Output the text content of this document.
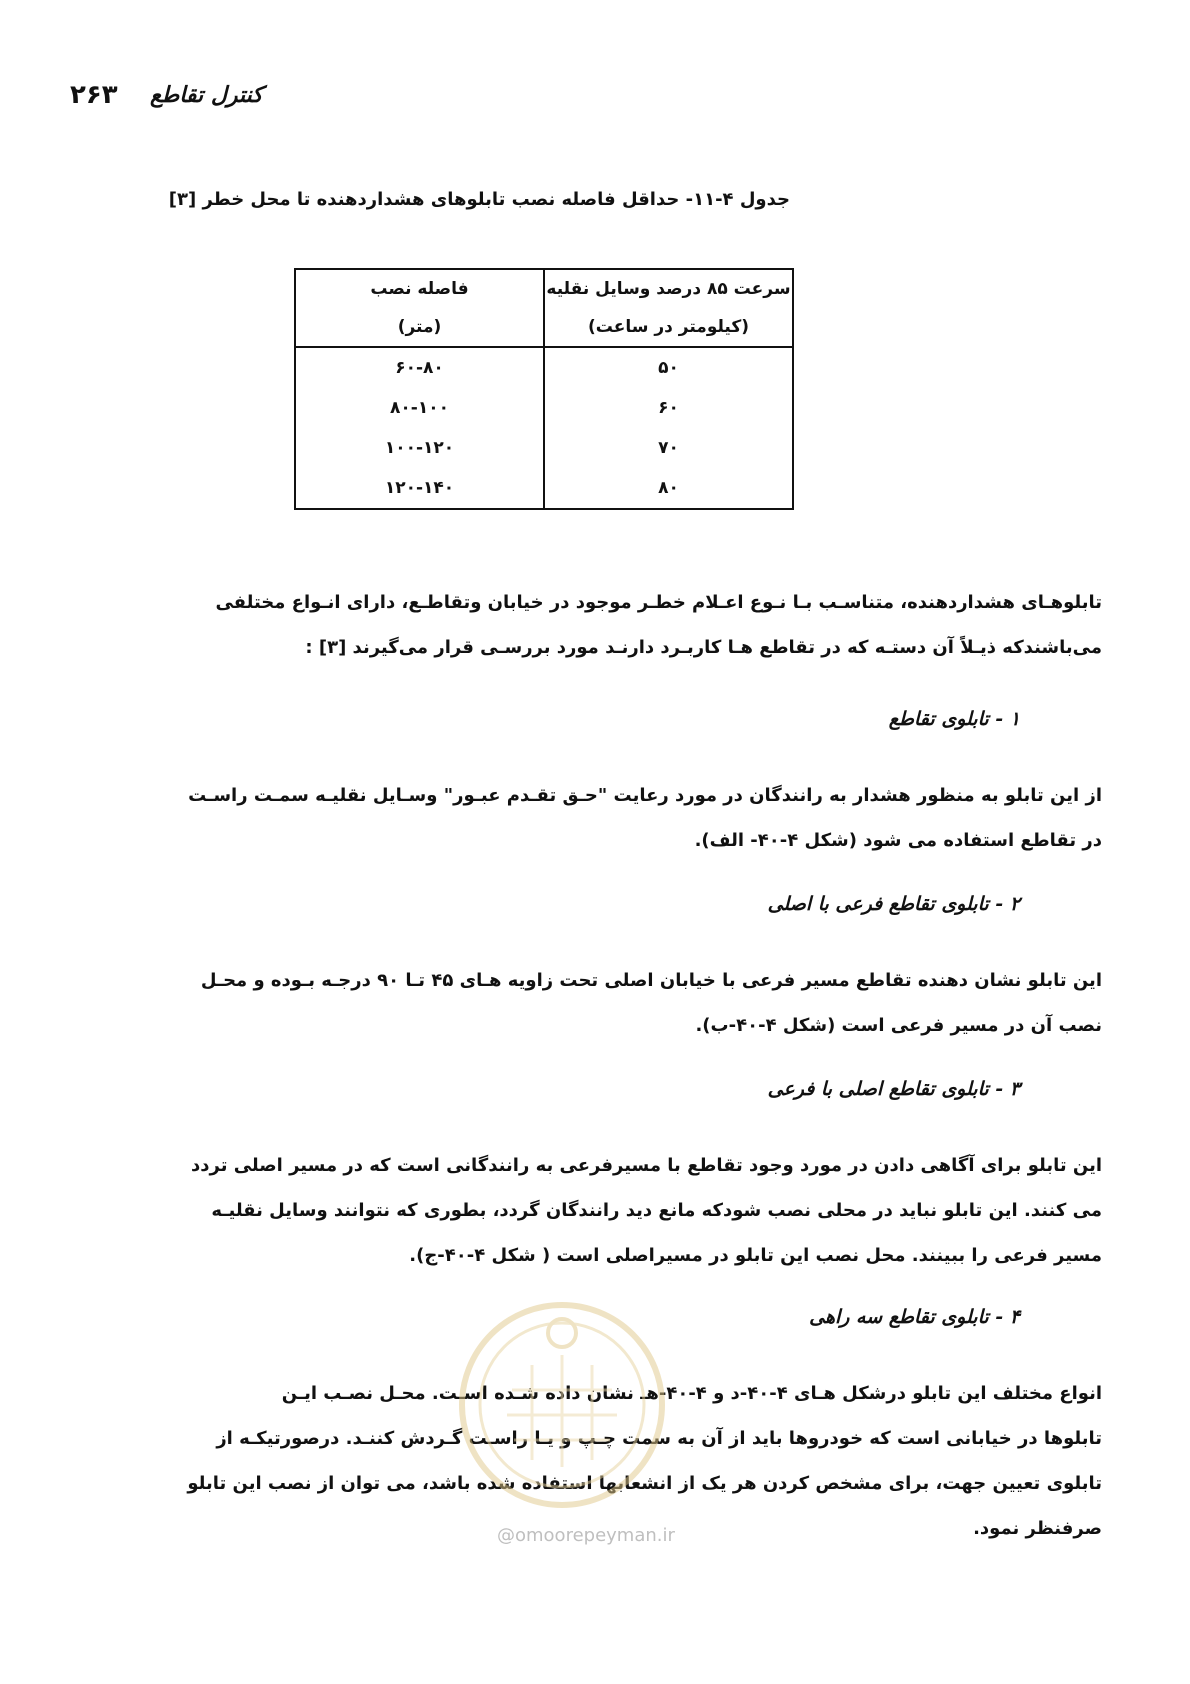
۲۶۳ کنترل تقاطع
جدول ۴-۱۱- حداقل فاصله نصب تابلوهای هشداردهنده تا محل خطر [۳]
سرعت ۸۵ درصد وسایل نقلیه	فاصله نصب
(کیلومتر در ساعت)	(متر)
۵۰	۶۰-۸۰
۶۰	۸۰-۱۰۰
۷۰	۱۰۰-۱۲۰
۸۰	۱۲۰-۱۴۰
تابلوهـای هشداردهنده، متناسـب بـا نـوع اعـلام خطـر موجود در خیابان وتقاطـع، دارای انـواع مختلفی
می‌باشندکه ذیـلاً آن دستـه که در تقاطع هـا کاربـرد دارنـد مورد بررسـی قرار می‌گیرند [۳] :
۱ - تابلوی تقاطع
از این تابلو به منظور هشدار به رانندگان در مورد رعایت "حـق تقـدم عبـور" وسـایل نقلیـه سمـت راسـت
در تقاطع استفاده می شود (شکل ۴-۴۰- الف).
۲ - تابلوی تقاطع فرعی با اصلی
این تابلو نشان دهنده تقاطع مسیر فرعی با خیابان اصلی تحت زاویه هـای ۴۵ تـا ۹۰ درجـه بـوده و محـل
نصب آن در مسیر فرعی است (شکل ۴-۴۰-ب).
۳ - تابلوی تقاطع اصلی با فرعی
این تابلو برای آگاهی دادن در مورد وجود تقاطع با مسیرفرعی به رانندگانی است که در مسیر اصلی تردد
می کنند. این تابلو نباید در محلی نصب شودکه مانع دید رانندگان گردد، بطوری که نتوانند وسایل نقلیـه
مسیر فرعی را ببینند. محل نصب این تابلو در مسیراصلی است ( شکل ۴-۴۰-ج).
۴ - تابلوی تقاطع سه راهی
انواع مختلف این تابلو درشکل هـای ۴-۴۰-د و ۴-۴۰-هـ نشان داده شـده اسـت. محـل نصـب ایـن
تابلوها در خیابانی است که خودروها باید از آن به سمت چـپ و یـا راسـت گـردش کننـد. درصورتیکـه از
تابلوی تعیین جهت، برای مشخص کردن هر یک از انشعابها استفاده شده باشد، می توان از نصب این تابلو
صرفنظر نمود.
@omoorepeyman.ir
